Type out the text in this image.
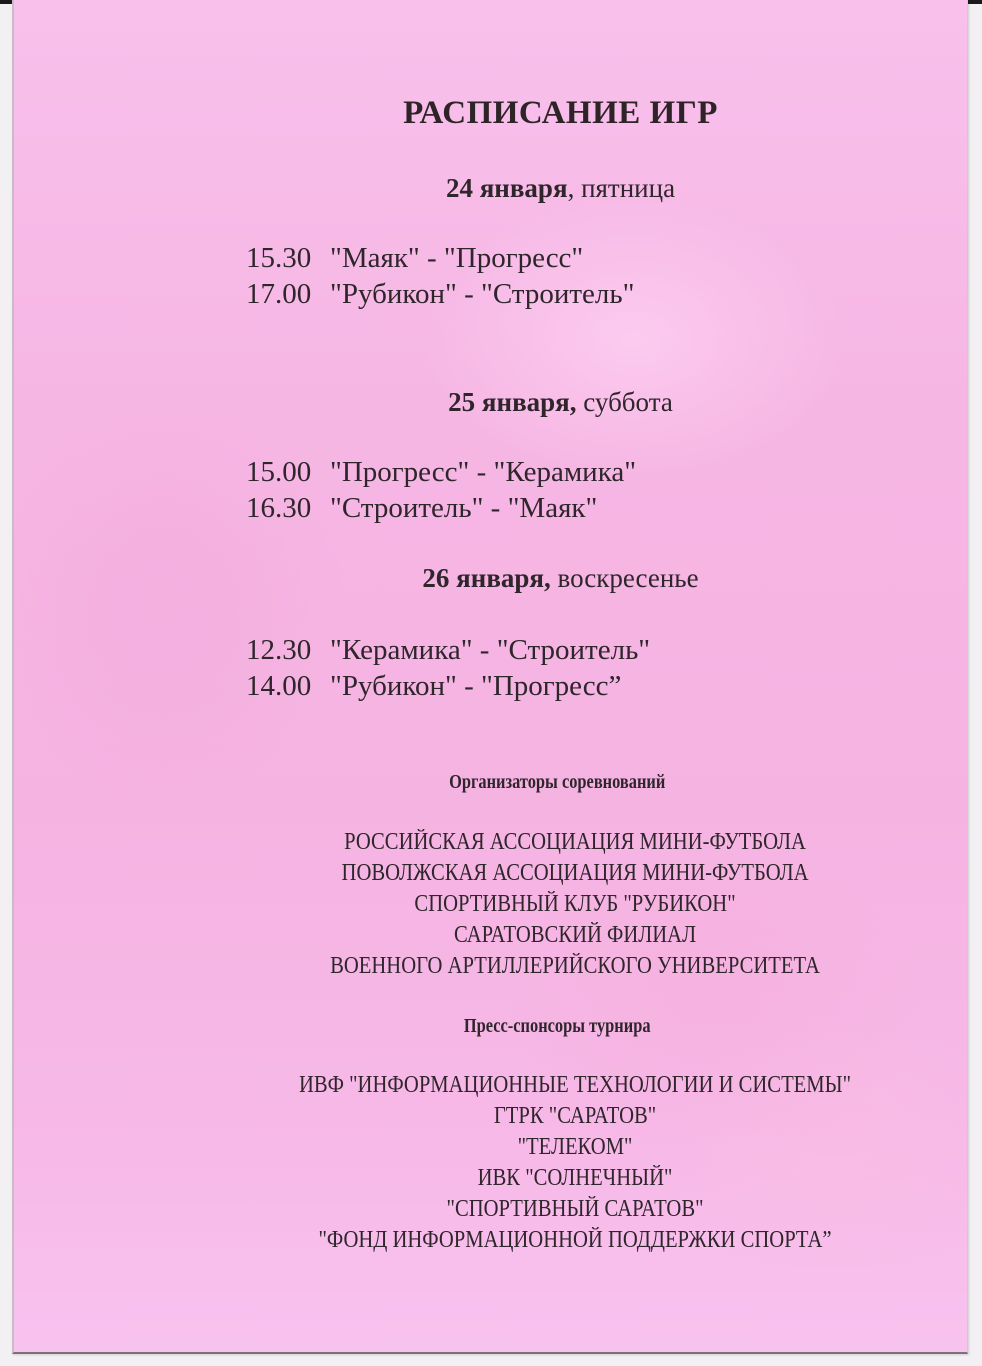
РАСПИСАНИЕ ИГР
24 января, пятница
15.30 "Маяк" - "Прогресс"
17.00 "Рубикон" - "Строитель"
25 января, суббота
15.00 "Прогресс" - "Керамика"
16.30 "Строитель" - "Маяк"
26 января, воскресенье
12.30 "Керамика" - "Строитель"
14.00 "Рубикон" - "Прогресс”
Организаторы соревнований
РОССИЙСКАЯ АССОЦИАЦИЯ МИНИ-ФУТБОЛА
ПОВОЛЖСКАЯ АССОЦИАЦИЯ МИНИ-ФУТБОЛА
СПОРТИВНЫЙ КЛУБ "РУБИКОН"
САРАТОВСКИЙ ФИЛИАЛ
ВОЕННОГО АРТИЛЛЕРИЙСКОГО УНИВЕРСИТЕТА
Пресс-спонсоры турнира
ИВФ "ИНФОРМАЦИОННЫЕ ТЕХНОЛОГИИ И СИСТЕМЫ"
ГТРК "САРАТОВ"
"ТЕЛЕКОМ"
ИВК "СОЛНЕЧНЫЙ"
"СПОРТИВНЫЙ САРАТОВ"
"ФОНД ИНФОРМАЦИОННОЙ ПОДДЕРЖКИ СПОРТА”
